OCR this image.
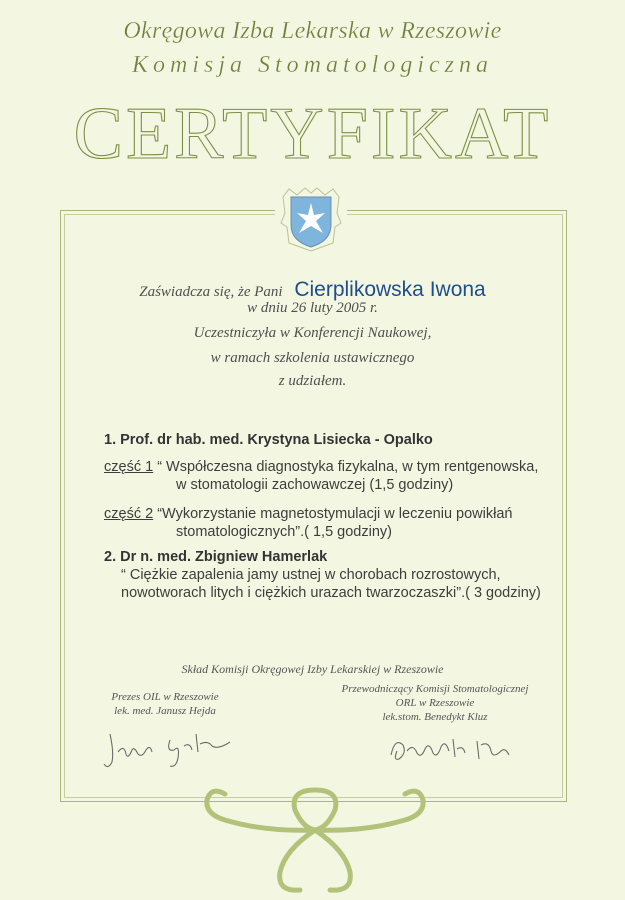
Okręgowa Izba Lekarska w Rzeszowie
Komisja Stomatologiczna
CERTYFIKAT
Zaświadcza się, że Pani Cierplikowska Iwona
w dniu 26 luty 2005 r.
Uczestniczyła w Konferencji Naukowej,
w ramach szkolenia ustawicznego
z udziałem.
1. Prof. dr hab. med. Krystyna Lisiecka - Opalko
część 1 “ Współczesna diagnostyka fizykalna, w tym rentgenowska,
w stomatologii zachowawczej (1,5 godziny)
część 2 “Wykorzystanie magnetostymulacji w leczeniu powikłań
stomatologicznych”.( 1,5 godziny)
2. Dr n. med. Zbigniew Hamerlak
“ Ciężkie zapalenia jamy ustnej w chorobach rozrostowych,
nowotworach litych i ciężkich urazach twarzoczaszki”.( 3 godziny)
Skład Komisji Okręgowej Izby Lekarskiej w Rzeszowie
Prezes OIL w Rzeszowie
lek. med. Janusz Hejda
Przewodniczący Komisji Stomatologicznej
ORL w Rzeszowie
lek.stom. Benedykt Kluz
